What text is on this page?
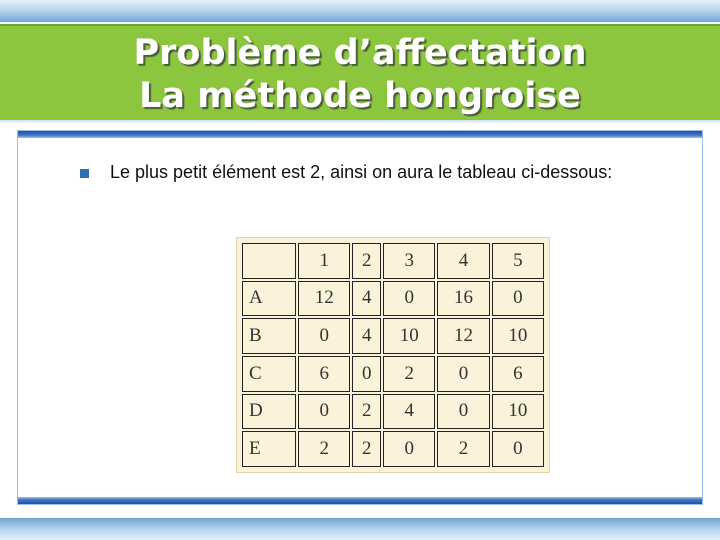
Problème d’affectation
La méthode hongroise
Le plus petit élément est 2, ainsi on aura le tableau ci-dessous:
	1	2	3	4	5
A	12	4	0	16	0
B	0	4	10	12	10
C	6	0	2	0	6
D	0	2	4	0	10
E	2	2	0	2	0
